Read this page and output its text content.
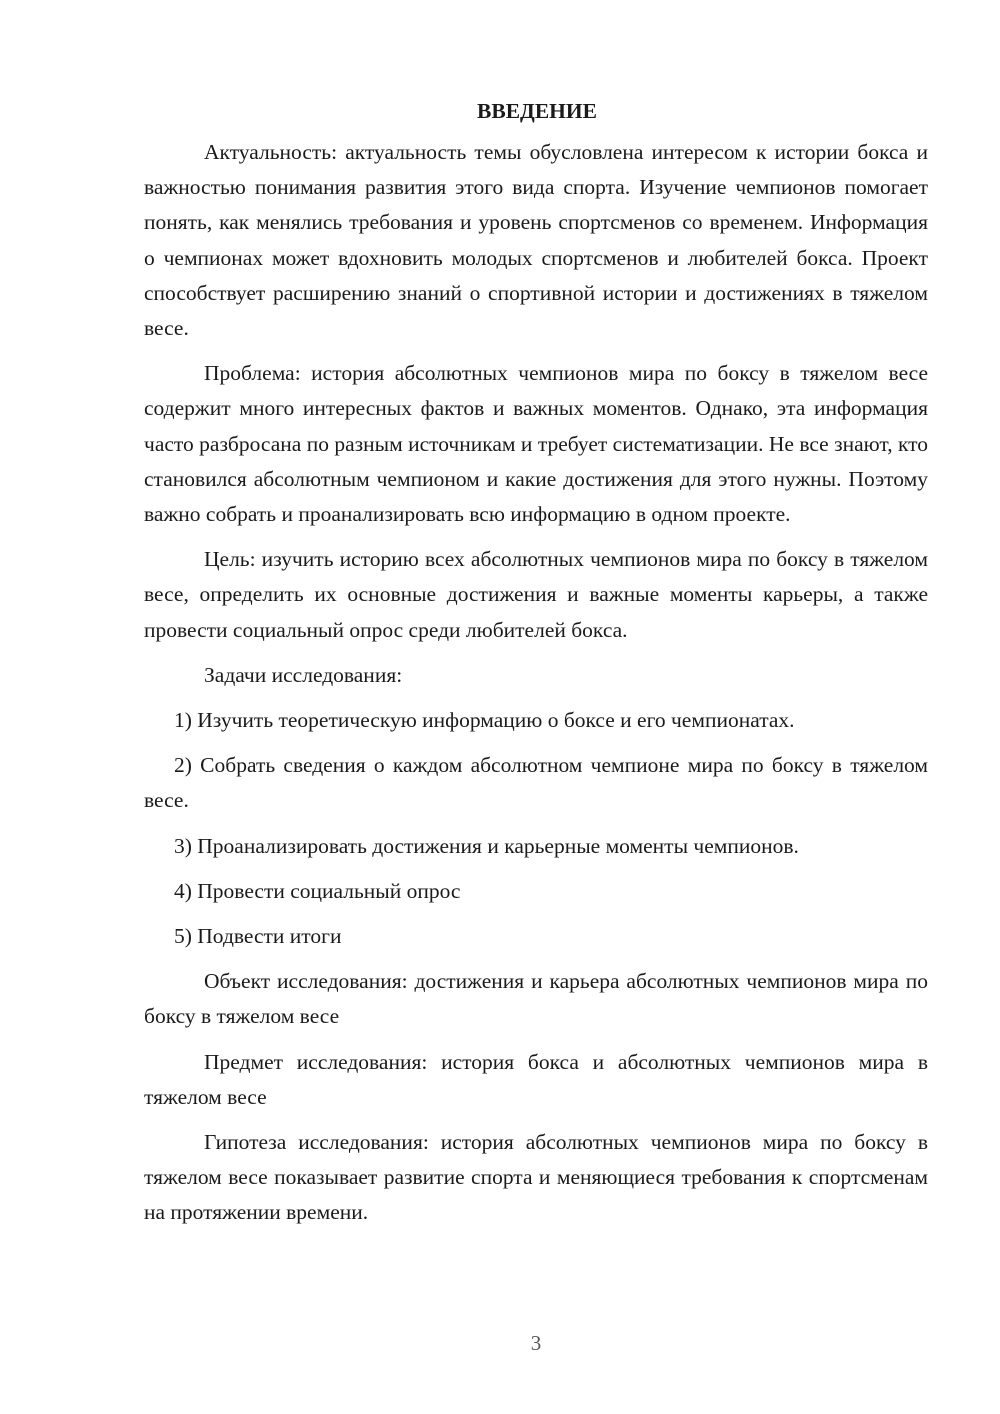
ВВЕДЕНИЕ

Актуальность: актуальность темы обусловлена интересом к истории бокса и важностью понимания развития этого вида спорта. Изучение чемпионов помогает понять, как менялись требования и уровень спортсменов со временем. Информация о чемпионах может вдохновить молодых спортсменов и любителей бокса. Проект способствует расширению знаний о спортивной истории и достижениях в тяжелом весе.

Проблема: история абсолютных чемпионов мира по боксу в тяжелом весе содержит много интересных фактов и важных моментов. Однако, эта информация часто разбросана по разным источникам и требует систематизации. Не все знают, кто становился абсолютным чемпионом и какие достижения для этого нужны. Поэтому важно собрать и проанализировать всю информацию в одном проекте.

Цель: изучить историю всех абсолютных чемпионов мира по боксу в тяжелом весе, определить их основные достижения и важные моменты карьеры, а также провести социальный опрос среди любителей бокса.

Задачи исследования:

1) Изучить теоретическую информацию о боксе и его чемпионатах.

2) Собрать сведения о каждом абсолютном чемпионе мира по боксу в тяжелом весе.

3) Проанализировать достижения и карьерные моменты чемпионов.

4) Провести социальный опрос

5) Подвести итоги

Объект исследования: достижения и карьера абсолютных чемпионов мира по боксу в тяжелом весе

Предмет исследования: история бокса и абсолютных чемпионов мира в тяжелом весе

Гипотеза исследования: история абсолютных чемпионов мира по боксу в тяжелом весе показывает развитие спорта и меняющиеся требования к спортсменам на протяжении времени.

3
